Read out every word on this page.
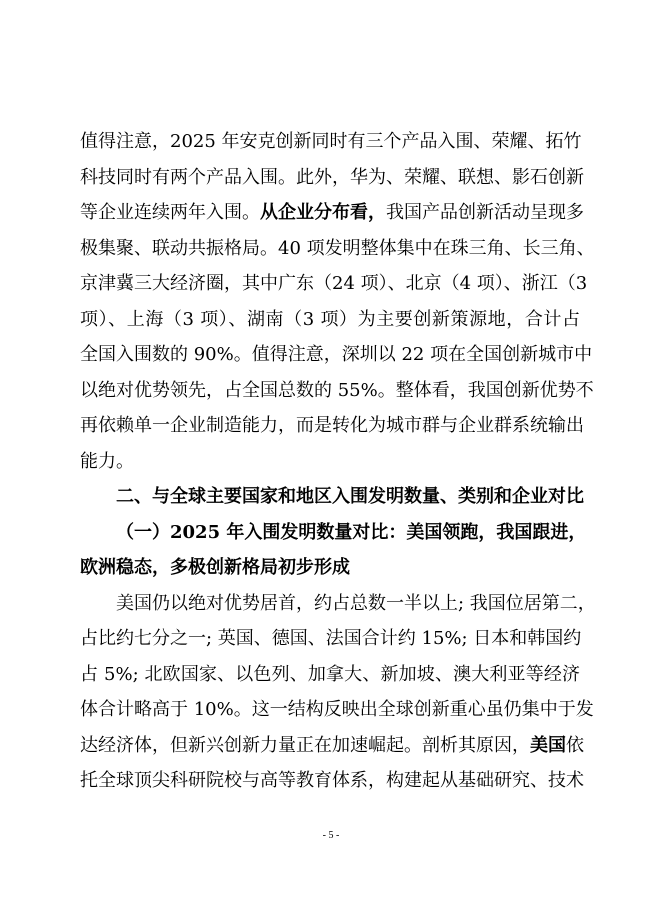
值得注意，2025 年安克创新同时有三个产品入围、荣耀、拓竹
科技同时有两个产品入围。此外，华为、荣耀、联想、影石创新
等企业连续两年入围。从企业分布看，我国产品创新活动呈现多
极集聚、联动共振格局。40 项发明整体集中在珠三角、长三角、
京津冀三大经济圈，其中广东（24 项）、北京（4 项）、浙江（3
项）、上海（3 项）、湖南（3 项）为主要创新策源地，合计占
全国入围数的 90%。值得注意，深圳以 22 项在全国创新城市中
以绝对优势领先，占全国总数的 55%。整体看，我国创新优势不
再依赖单一企业制造能力，而是转化为城市群与企业群系统输出
能力。
二、与全球主要国家和地区入围发明数量、类别和企业对比
（一）2025 年入围发明数量对比：美国领跑，我国跟进，
欧洲稳态，多极创新格局初步形成
美国仍以绝对优势居首，约占总数一半以上; 我国位居第二，
占比约七分之一; 英国、德国、法国合计约 15%; 日本和韩国约
占 5%; 北欧国家、以色列、加拿大、新加坡、澳大利亚等经济
体合计略高于 10%。这一结构反映出全球创新重心虽仍集中于发
达经济体，但新兴创新力量正在加速崛起。剖析其原因，美国依
托全球顶尖科研院校与高等教育体系，构建起从基础研究、技术
- 5 -
